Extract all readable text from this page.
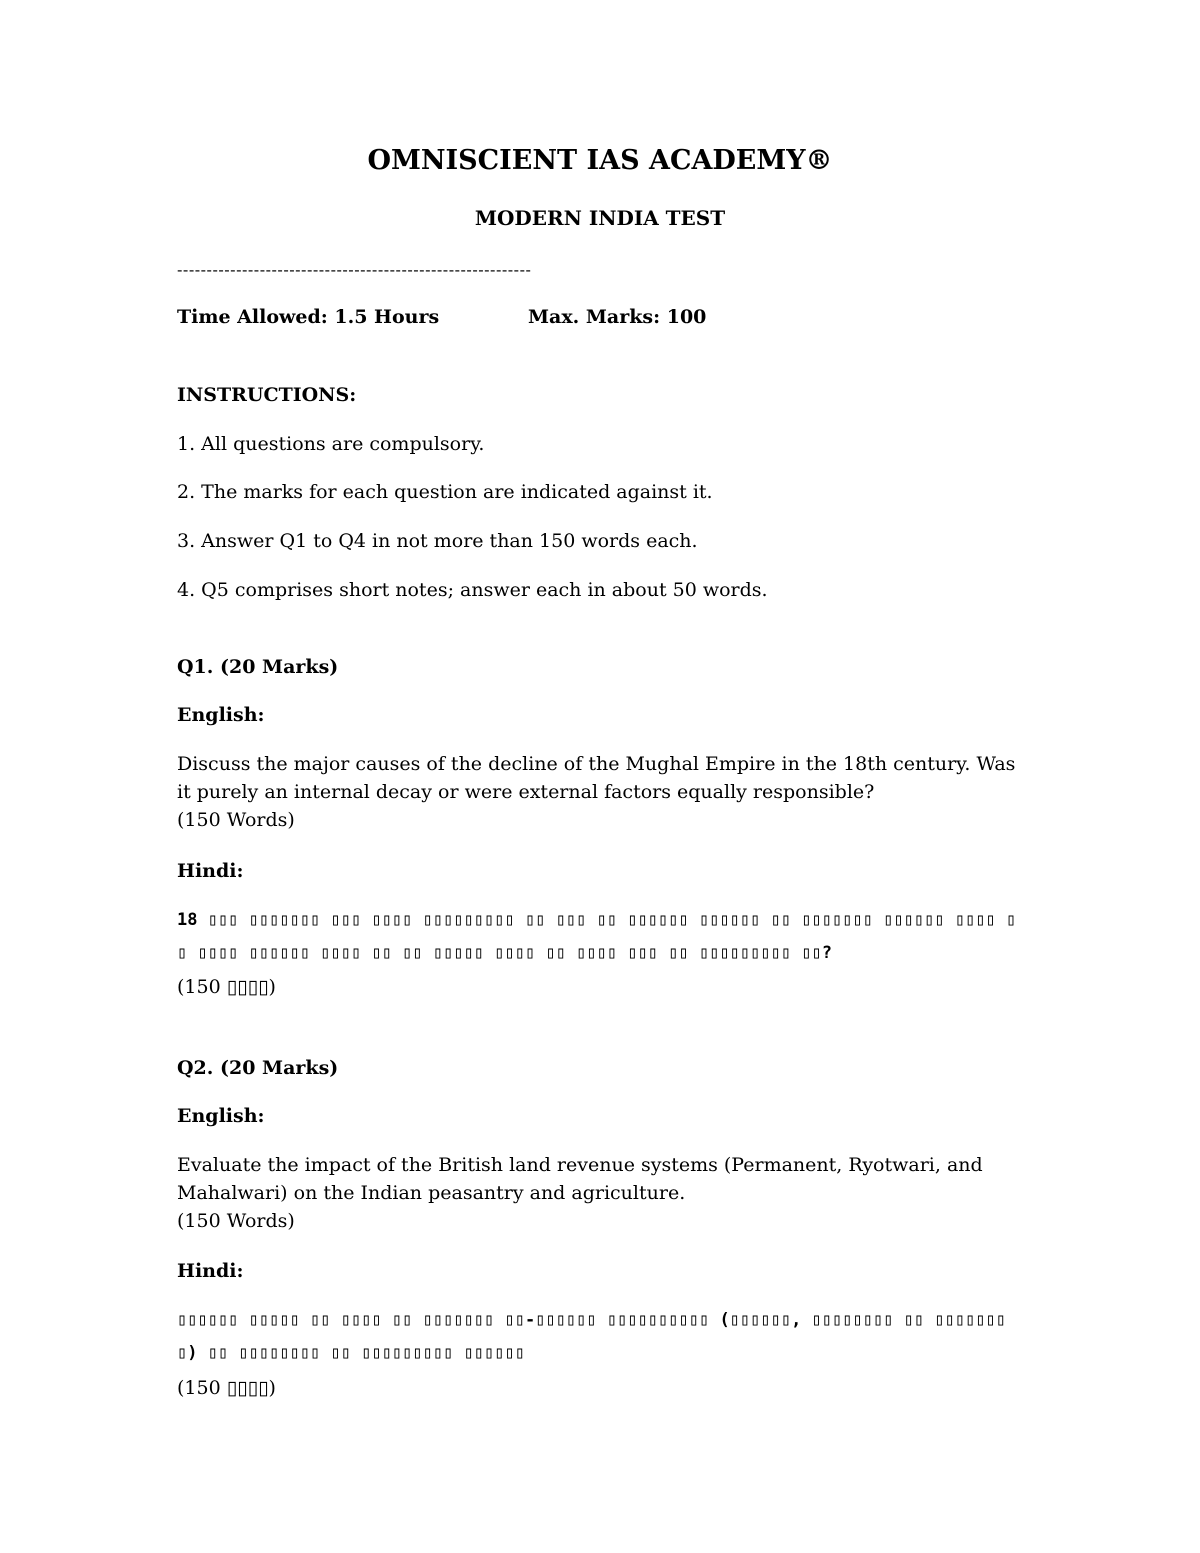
OMNISCIENT IAS ACADEMY®

MODERN INDIA TEST

------------------------------------------------------------

Time Allowed: 1.5 Hours	Max. Marks: 100

INSTRUCTIONS:

1. All questions are compulsory.

2. The marks for each question are indicated against it.

3. Answer Q1 to Q4 in not more than 150 words each.

4. Q5 comprises short notes; answer each in about 50 words.

Q1. (20 Marks)

English:

Discuss the major causes of the decline of the Mughal Empire in the 18th century. Was it purely an internal decay or were external factors equally responsible?
(150 Words)

Hindi:

18 ▯▯▯ ▯▯▯▯▯▯▯ ▯▯▯ ▯▯▯▯ ▯▯▯▯▯▯▯▯▯ ▯▯ ▯▯▯ ▯▯ ▯▯▯▯▯▯ ▯▯▯▯▯▯ ▯▯ ▯▯▯▯▯▯▯ ▯▯▯▯▯▯ ▯▯▯▯ ▯▯ ▯▯▯▯ ▯▯▯▯▯▯ ▯▯▯▯ ▯▯ ▯▯ ▯▯▯▯▯ ▯▯▯▯ ▯▯ ▯▯▯▯ ▯▯▯ ▯▯ ▯▯▯▯▯▯▯▯▯ ▯▯?

(150 ▯▯▯▯)

Q2. (20 Marks)

English:

Evaluate the impact of the British land revenue systems (Permanent, Ryotwari, and Mahalwari) on the Indian peasantry and agriculture.
(150 Words)

Hindi:

▯▯▯▯▯▯ ▯▯▯▯▯ ▯▯ ▯▯▯▯ ▯▯ ▯▯▯▯▯▯▯ ▯▯-▯▯▯▯▯▯ ▯▯▯▯▯▯▯▯▯▯ (▯▯▯▯▯▯, ▯▯▯▯▯▯▯▯ ▯▯ ▯▯▯▯▯▯▯▯) ▯▯ ▯▯▯▯▯▯▯▯ ▯▯ ▯▯▯▯▯▯▯▯▯ ▯▯▯▯▯▯

(150 ▯▯▯▯)
